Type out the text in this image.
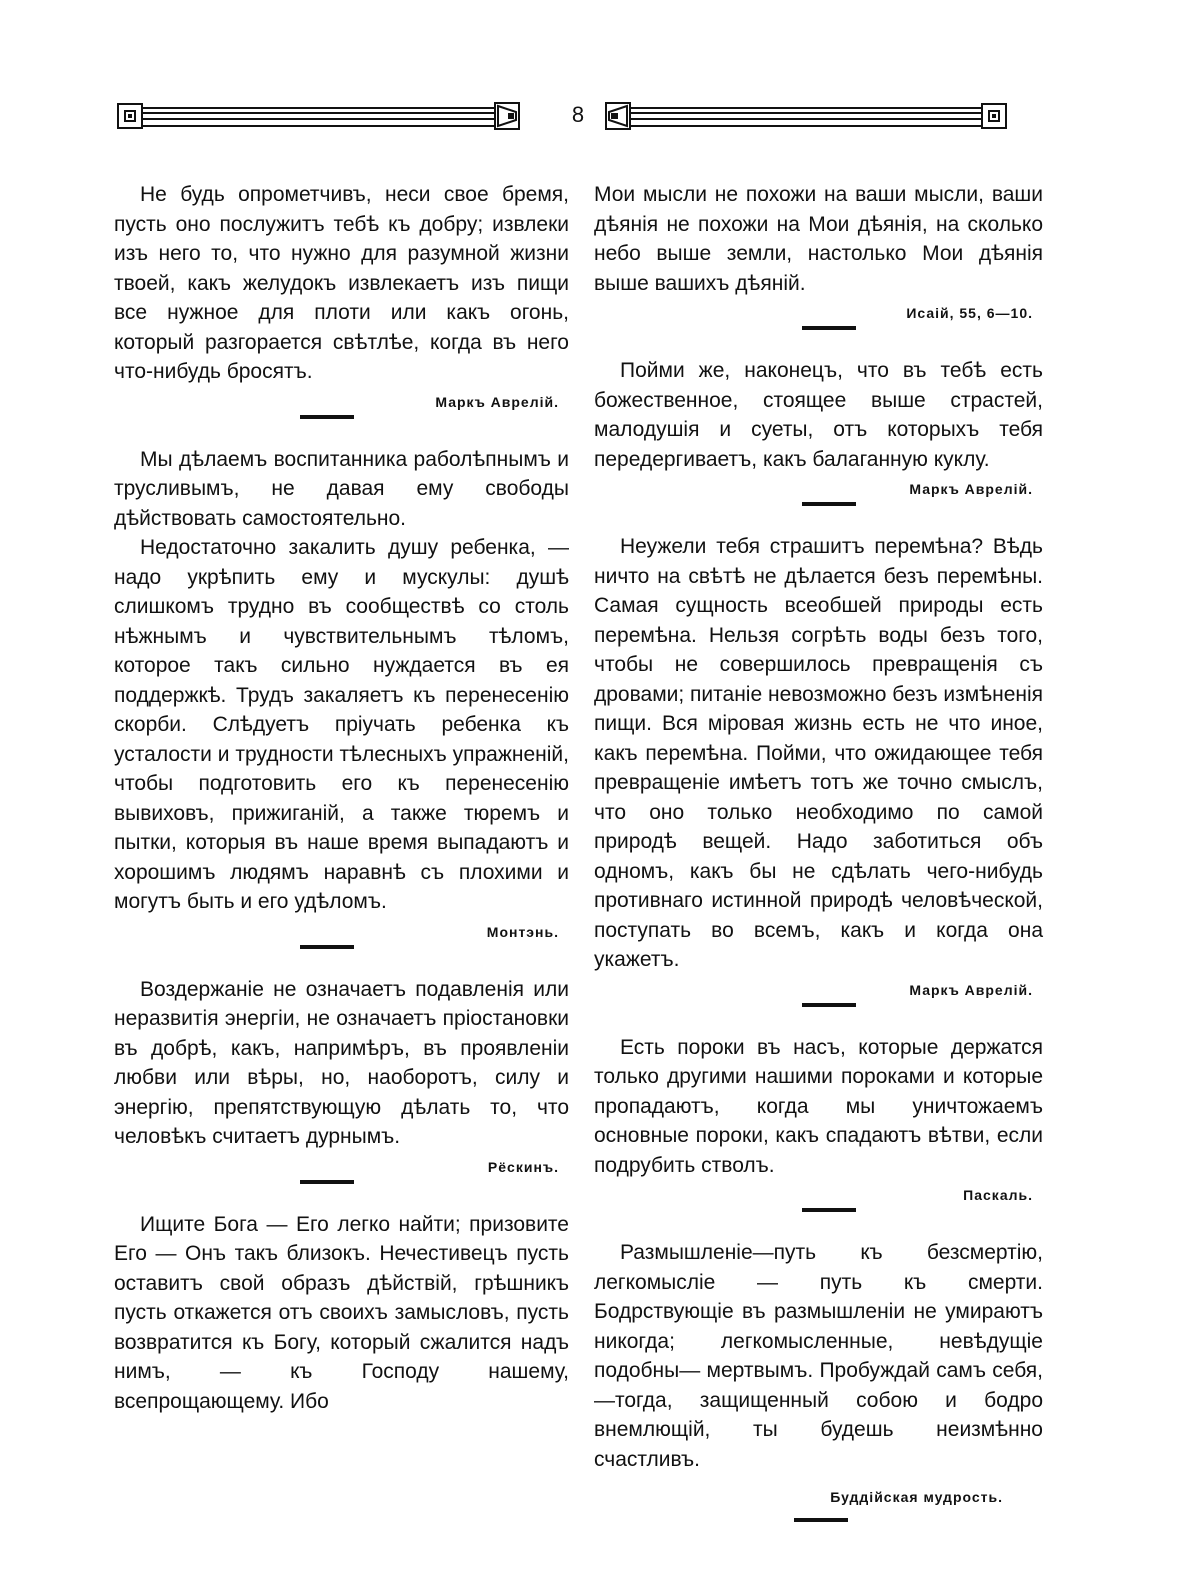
8

Не будь опрометчивъ, неси свое бремя, пусть оно послужитъ тебѣ къ добру; извлеки изъ него то, что нужно для разумной жизни твоей, какъ желудокъ извлекаетъ изъ пищи все нужное для плоти или какъ огонь, который разгорается свѣтлѣе, когда въ него что-нибудь бросятъ.

Маркъ Аврелій.

Мы дѣлаемъ воспитанника раболѣпнымъ и трусливымъ, не давая ему свободы дѣйствовать самостоятельно.

Недостаточно закалить душу ребенка, —надо укрѣпить ему и мускулы: душѣ слишкомъ трудно въ сообществѣ со столь нѣжнымъ и чувствительнымъ тѣломъ, которое такъ сильно нуждается въ ея поддержкѣ. Трудъ закаляетъ къ перенесенію скорби. Слѣдуетъ пріучать ребенка къ усталости и трудности тѣлесныхъ упражненій, чтобы подготовить его къ перенесенію вывиховъ, прижиганій, а также тюремъ и пытки, которыя въ наше время выпадаютъ и хорошимъ людямъ наравнѣ съ плохими и могутъ быть и его удѣломъ.

Монтэнь.

Воздержаніе не означаетъ подавленія или неразвитія энергіи, не означаетъ пріостановки въ добрѣ, какъ, напримѣръ, въ проявленіи любви или вѣры, но, наоборотъ, силу и энергію, препятствующую дѣлать то, что человѣкъ считаетъ дурнымъ.

Рёскинъ.

Ищите Бога — Его легко найти; призовите Его — Онъ такъ близокъ. Нечестивецъ пусть оставитъ свой образъ дѣйствій, грѣшникъ пусть откажется отъ своихъ замысловъ, пусть возвратится къ Богу, который сжалится надъ нимъ, — къ Господу нашему, всепрощающему. Ибо

Мои мысли не похожи на ваши мысли, ваши дѣянія не похожи на Мои дѣянія, на сколько небо выше земли, настолько Мои дѣянія выше вашихъ дѣяній.

Исаій, 55, 6—10.

Пойми же, наконецъ, что въ тебѣ есть божественное, стоящее выше страстей, малодушія и суеты, отъ которыхъ тебя передергиваетъ, какъ балаганную куклу.

Маркъ Аврелій.

Неужели тебя страшитъ перемѣна? Вѣдь ничто на свѣтѣ не дѣлается безъ перемѣны. Самая сущность всеобшей природы есть перемѣна. Нельзя согрѣть воды безъ того, чтобы не совершилось превращенія съ дровами; питаніе невозможно безъ измѣненія пищи. Вся міровая жизнь есть не что иное, какъ перемѣна. Пойми, что ожидающее тебя превращеніе имѣетъ тотъ же точно смыслъ, что оно только необходимо по самой природѣ вещей. Надо заботиться объ одномъ, какъ бы не сдѣлать чего-нибудь противнаго истинной природѣ человѣческой, поступать во всемъ, какъ и когда она укажетъ.

Маркъ Аврелій.

Есть пороки въ насъ, которые держатся только другими нашими пороками и которые пропадаютъ, когда мы уничтожаемъ основные пороки, какъ спадаютъ вѣтви, если подрубить стволъ.

Паскаль.

Размышленіе—путь къ безсмертію, легкомысліе — путь къ смерти. Бодрствующіе въ размышленіи не умираютъ никогда; легкомысленные, невѣдущіе подобны— мертвымъ. Пробуждай самъ себя,—тогда, защищенный собою и бодро внемлющій, ты будешь неизмѣнно счастливъ.

Буддійская мудрость.
